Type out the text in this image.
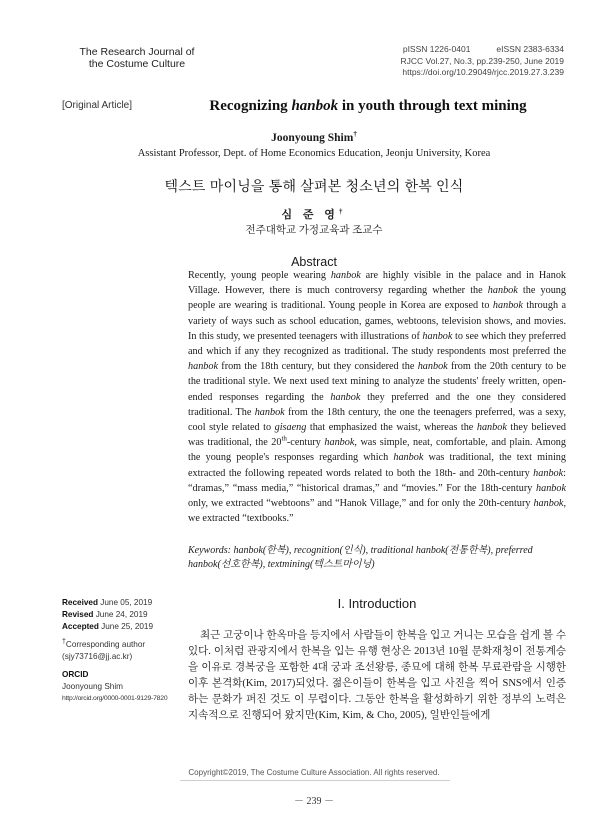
The Research Journal of
the Costume Culture
pISSN 1226-0401	eISSN 2383-6334
RJCC Vol.27, No.3, pp.239-250, June 2019
https://doi.org/10.29049/rjcc.2019.27.3.239
[Original Article]	Recognizing hanbok in youth through text mining
Joonyoung Shim†
Assistant Professor, Dept. of Home Economics Education, Jeonju University, Korea
텍스트 마이닝을 통해 살펴본 청소년의 한복 인식
심 준 영†
전주대학교 가정교육과 조교수
Abstract
Recently, young people wearing hanbok are highly visible in the palace and in Hanok Village. However, there is much controversy regarding whether the hanbok the young people are wearing is traditional. Young people in Korea are exposed to hanbok through a variety of ways such as school education, games, webtoons, television shows, and movies. In this study, we presented teenagers with illustrations of hanbok to see which they preferred and which if any they recognized as traditional. The study respondents most preferred the hanbok from the 18th century, but they considered the hanbok from the 20th century to be the traditional style. We next used text mining to analyze the students' freely written, open-ended responses regarding the hanbok they preferred and the one they considered traditional. The hanbok from the 18th century, the one the teenagers preferred, was a sexy, cool style related to gisaeng that emphasized the waist, whereas the hanbok they believed was traditional, the 20th-century hanbok, was simple, neat, comfortable, and plain. Among the young people's responses regarding which hanbok was traditional, the text mining extracted the following repeated words related to both the 18th- and 20th-century hanbok: “dramas,” “mass media,” “historical dramas,” and “movies.” For the 18th-century hanbok only, we extracted “webtoons” and “Hanok Village,” and for only the 20th-century hanbok, we extracted “textbooks.”
Keywords: hanbok(한복), recognition(인식), traditional hanbok(전통한복), preferred hanbok(선호한복), textmining(텍스트마이닝)
Received June 05, 2019
Revised June 24, 2019
Accepted June 25, 2019
†Corresponding author
(sjy73716@jj.ac.kr)
ORCID
Joonyoung Shim
http://orcid.org/0000-0001-9129-7820
I. Introduction
최근 고궁이나 한옥마을 등지에서 사람들이 한복을 입고 거니는 모습을 쉽게 볼 수 있다. 이처럼 관광지에서 한복을 입는 유행 현상은 2013년 10월 문화재청이 전통계승을 이유로 경복궁을 포함한 4대 궁과 조선왕릉, 종묘에 대해 한복 무료관람을 시행한 이후 본격화(Kim, 2017)되었다. 젊은이들이 한복을 입고 사진을 찍어 SNS에서 인증하는 문화가 퍼진 것도 이 무렵이다. 그동안 한복을 활성화하기 위한 정부의 노력은 지속적으로 진행되어 왔지만(Kim, Kim, & Cho, 2005), 일반인들에게
Copyright©2019, The Costume Culture Association. All rights reserved.
－ 239 －
